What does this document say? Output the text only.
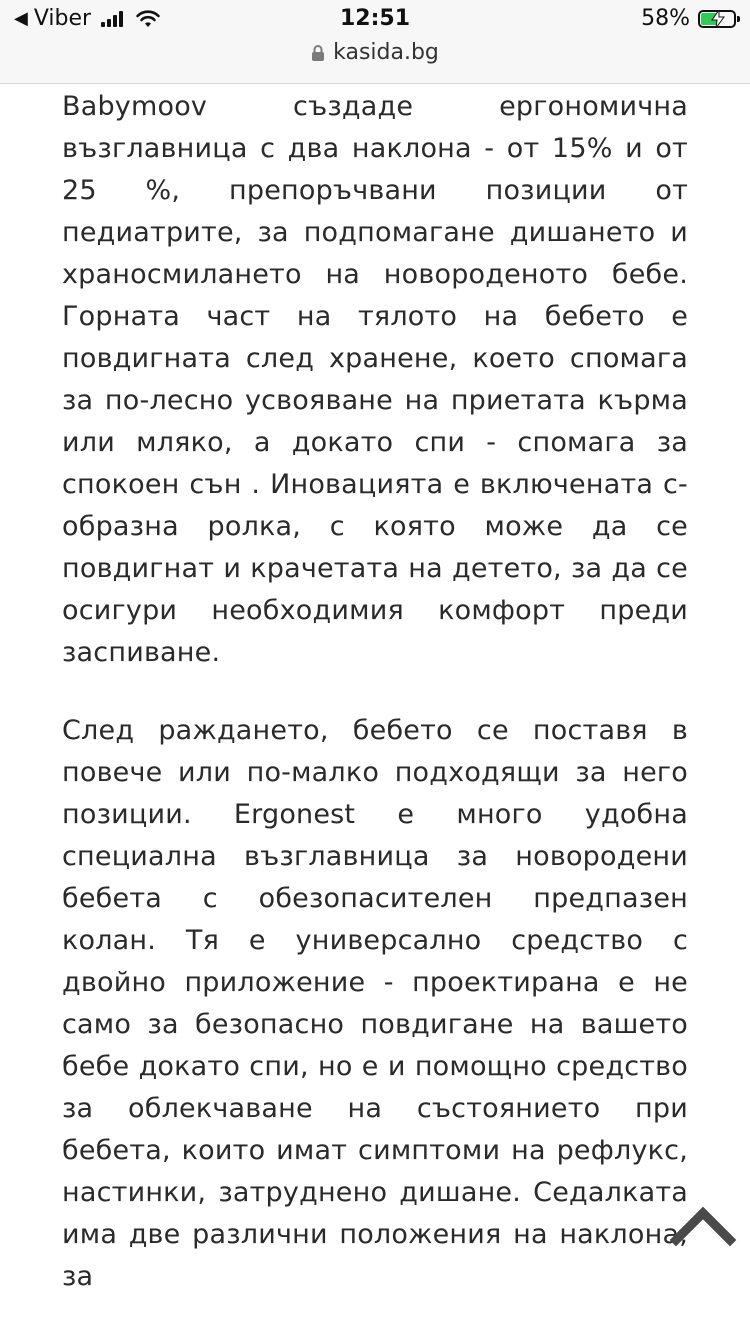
◀ Viber	12:51	58%
kasida.bg

Babymoov създаде ергономична възглавница с два наклона - от 15% и от 25 %, препоръчвани позиции от педиатрите, за подпомагане дишането и храносмилането на новороденото бебе. Горната част на тялото на бебето е повдигната след хранене, което спомага за по-лесно усвояване на приетата кърма или мляко, а докато спи - спомага за спокоен сън . Иновацията е включената с-образна ролка, с която може да се повдигнат и крачетата на детето, за да се осигури необходимия комфорт преди заспиване.

След раждането, бебето се поставя в повече или по-малко подходящи за него позиции. Ergonest е много удобна специална възглавница за новородени бебета с обезопасителен предпазен колан. Тя е универсално средство с двойно приложение - проектирана е не само за безопасно повдигане на вашето бебе докато спи, но е и помощно средство за облекчаване на състоянието при бебета, които имат симптоми на рефлукс, настинки, затруднено дишане. Седалката има две различни положения на наклона, за
